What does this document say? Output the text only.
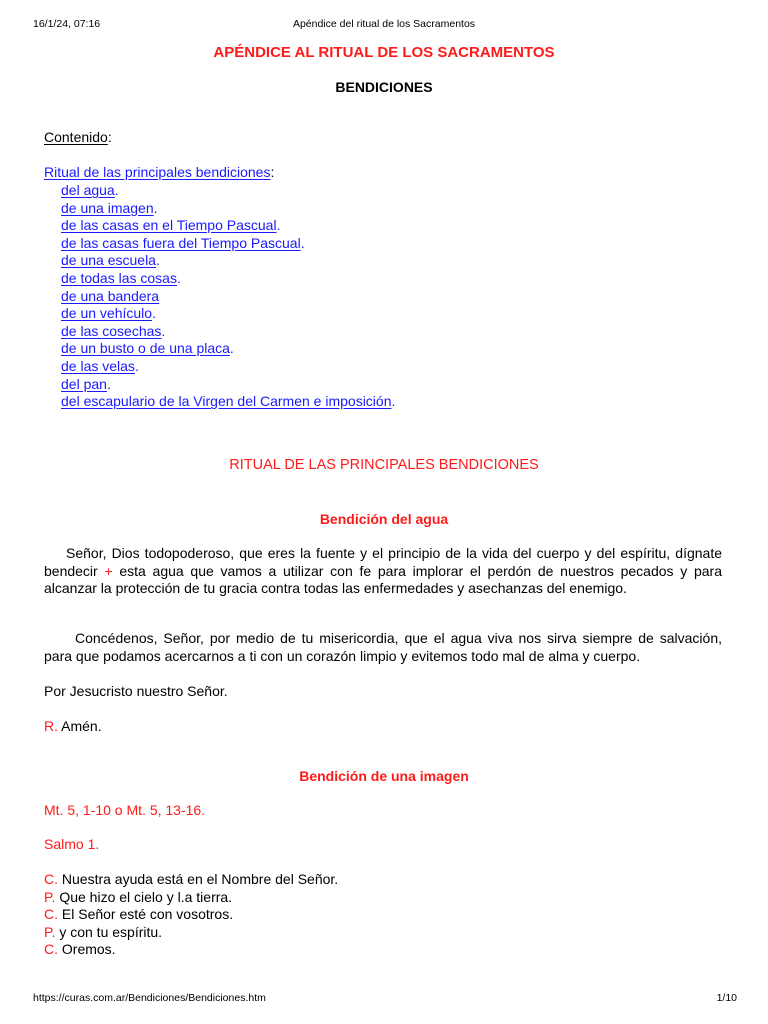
16/1/24, 07:16	Apéndice del ritual de los Sacramentos
APÉNDICE AL RITUAL DE LOS SACRAMENTOS
BENDICIONES
Contenido:
Ritual de las principales bendiciones:
del agua.
de una imagen.
de las casas en el Tiempo Pascual.
de las casas fuera del Tiempo Pascual.
de una escuela.
de todas las cosas.
de una bandera
de un vehículo.
de las cosechas.
de un busto o de una placa.
de las velas.
del pan.
del escapulario de la Virgen del Carmen e imposición.
RITUAL DE LAS PRINCIPALES BENDICIONES
Bendición del agua
Señor, Dios todopoderoso, que eres la fuente y el principio de la vida del cuerpo y del espíritu, dígnate bendecir + esta agua que vamos a utilizar con fe para implorar el perdón de nuestros pecados y para alcanzar la protección de tu gracia contra todas las enfermedades y asechanzas del enemigo.
Concédenos, Señor, por medio de tu misericordia, que el agua viva nos sirva siempre de salvación, para que podamos acercarnos a ti con un corazón limpio y evitemos todo mal de alma y cuerpo.
Por Jesucristo nuestro Señor.
R. Amén.
Bendición de una imagen
Mt. 5, 1-10 o Mt. 5, 13-16.
Salmo 1.
C. Nuestra ayuda está en el Nombre del Señor.
P. Que hizo el cielo y l.a tierra.
C. El Señor esté con vosotros.
P. y con tu espíritu.
C. Oremos.
https://curas.com.ar/Bendiciones/Bendiciones.htm	1/10
